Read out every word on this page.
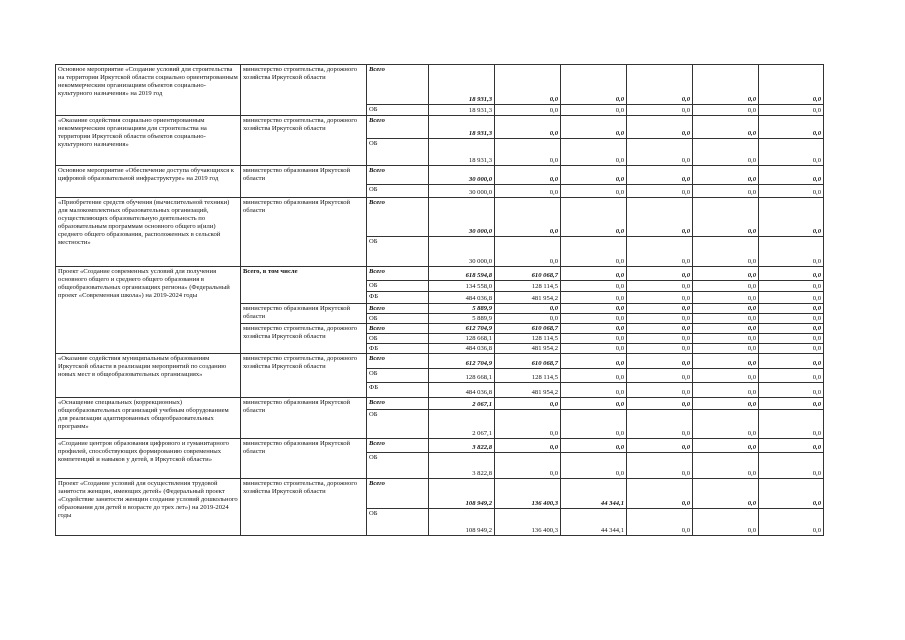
Основное мероприятие «Создание условий для строительства на территории Иркутской области социально ориентированным некоммерческим организациям объектов социально-культурного назначения» на 2019 год	министерство строительства, дорожного хозяйства Иркутской области	Всего	18 931,3	0,0	0,0	0,0	0,0	0,0
		ОБ	18 931,3	0,0	0,0	0,0	0,0	0,0
«Оказание содействия социально ориентированным некоммерческим организациям для строительства на территории Иркутской области объектов социально-культурного назначения»	министерство строительства, дорожного хозяйства Иркутской области	Всего	18 931,3	0,0	0,0	0,0	0,0	0,0
		ОБ	18 931,3	0,0	0,0	0,0	0,0	0,0
Основное мероприятие «Обеспечение доступа обучающихся к цифровой образовательной инфраструктуре» на 2019 год	министерство образования Иркутской области	Всего	30 000,0	0,0	0,0	0,0	0,0	0,0
		ОБ	30 000,0	0,0	0,0	0,0	0,0	0,0
«Приобретение средств обучения (вычислительной техники) для малокомплектных образовательных организаций, осуществляющих образовательную деятельность по образовательным программам основного общего и(или) среднего общего образования, расположенных в сельской местности»	министерство образования Иркутской области	Всего	30 000,0	0,0	0,0	0,0	0,0	0,0
		ОБ	30 000,0	0,0	0,0	0,0	0,0	0,0
Проект «Создание современных условий для получения основного общего и среднего общего образования в общеобразовательных организациях региона» (Федеральный проект «Современная школа») на 2019-2024 годы	Всего, в том числе	Всего	618 594,8	610 068,7	0,0	0,0	0,0	0,0
		ОБ	134 558,0	128 114,5	0,0	0,0	0,0	0,0
		ФБ	484 036,8	481 954,2	0,0	0,0	0,0	0,0
	министерство образования Иркутской области	Всего	5 889,9	0,0	0,0	0,0	0,0	0,0
		ОБ	5 889,9	0,0	0,0	0,0	0,0	0,0
	министерство строительства, дорожного хозяйства Иркутской области	Всего	612 704,9	610 068,7	0,0	0,0	0,0	0,0
		ОБ	128 668,1	128 114,5	0,0	0,0	0,0	0,0
		ФБ	484 036,8	481 954,2	0,0	0,0	0,0	0,0
«Оказание содействия муниципальным образованиям Иркутской области в реализации мероприятий по созданию новых мест в общеобразовательных организациях»	министерство строительства, дорожного хозяйства Иркутской области	Всего	612 704,9	610 068,7	0,0	0,0	0,0	0,0
		ОБ	128 668,1	128 114,5	0,0	0,0	0,0	0,0
		ФБ	484 036,8	481 954,2	0,0	0,0	0,0	0,0
«Оснащение специальных (коррекционных) общеобразовательных организаций учебным оборудованием для реализации адаптированных общеобразовательных программ»	министерство образования Иркутской области	Всего	2 067,1	0,0	0,0	0,0	0,0	0,0
		ОБ	2 067,1	0,0	0,0	0,0	0,0	0,0
«Создание центров образования цифрового и гуманитарного профилей, способствующих формированию современных компетенций и навыков у детей, в Иркутской области»	министерство образования Иркутской области	Всего	3 822,8	0,0	0,0	0,0	0,0	0,0
		ОБ	3 822,8	0,0	0,0	0,0	0,0	0,0
Проект «Создание условий для осуществления трудовой занятости женщин, имеющих детей» (Федеральный проект «Содействие занятости женщин создание условий дошкольного образования для детей в возрасте до трех лет») на 2019-2024 годы	министерство строительства, дорожного хозяйства Иркутской области	Всего	108 949,2	136 400,3	44 344,1	0,0	0,0	0,0
		ОБ	108 949,2	136 400,3	44 344,1	0,0	0,0	0,0
